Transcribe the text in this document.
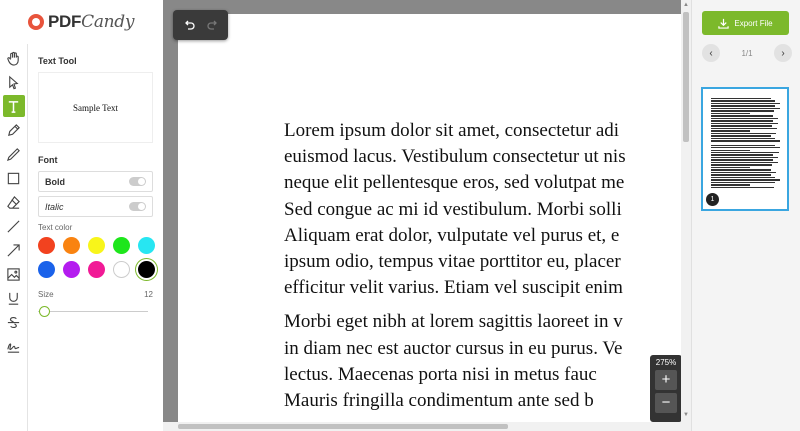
PDFCandy
Text Tool
Sample Text
Font
Bold
Italic
Text color
Size	12

Lorem ipsum dolor sit amet, consectetur adi
euismod lacus. Vestibulum consectetur ut nis
neque elit pellentesque eros, sed volutpat me
Sed congue ac mi id vestibulum. Morbi solli
Aliquam erat dolor, vulputate vel purus et, e
ipsum odio, tempus vitae porttitor eu, placer
efficitur velit varius. Etiam vel suscipit enim

Morbi eget nibh at lorem sagittis laoreet in v
in diam nec est auctor cursus in eu purus. Ve
lectus. Maecenas porta nisi in metus fauc
Mauris fringilla condimentum ante sed b

275%
+
−
▲
▼
Export File
‹	1/1	›
1
